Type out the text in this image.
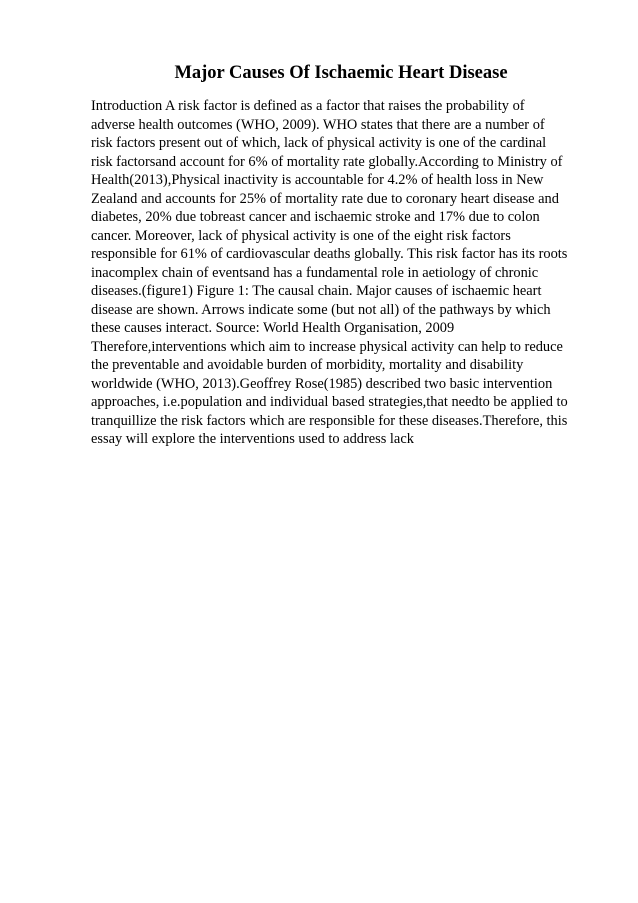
Major Causes Of Ischaemic Heart Disease
Introduction A risk factor is defined as a factor that raises the probability of
adverse health outcomes (WHO, 2009). WHO states that there are a number of
risk factors present out of which, lack of physical activity is one of the cardinal
risk factorsand account for 6% of mortality rate globally.According to Ministry of
Health(2013),Physical inactivity is accountable for 4.2% of health loss in New
Zealand and accounts for 25% of mortality rate due to coronary heart disease and
diabetes, 20% due tobreast cancer and ischaemic stroke and 17% due to colon
cancer. Moreover, lack of physical activity is one of the eight risk factors
responsible for 61% of cardiovascular deaths globally. This risk factor has its roots
inacomplex chain of eventsand has a fundamental role in aetiology of chronic
diseases.(figure1) Figure 1: The causal chain. Major causes of ischaemic heart
disease are shown. Arrows indicate some (but not all) of the pathways by which
these causes interact. Source: World Health Organisation, 2009
Therefore,interventions which aim to increase physical activity can help to reduce
the preventable and avoidable burden of morbidity, mortality and disability
worldwide (WHO, 2013).Geoffrey Rose(1985) described two basic intervention
approaches, i.e.population and individual based strategies,that needto be applied to
tranquillize the risk factors which are responsible for these diseases.Therefore, this
essay will explore the interventions used to address lack
